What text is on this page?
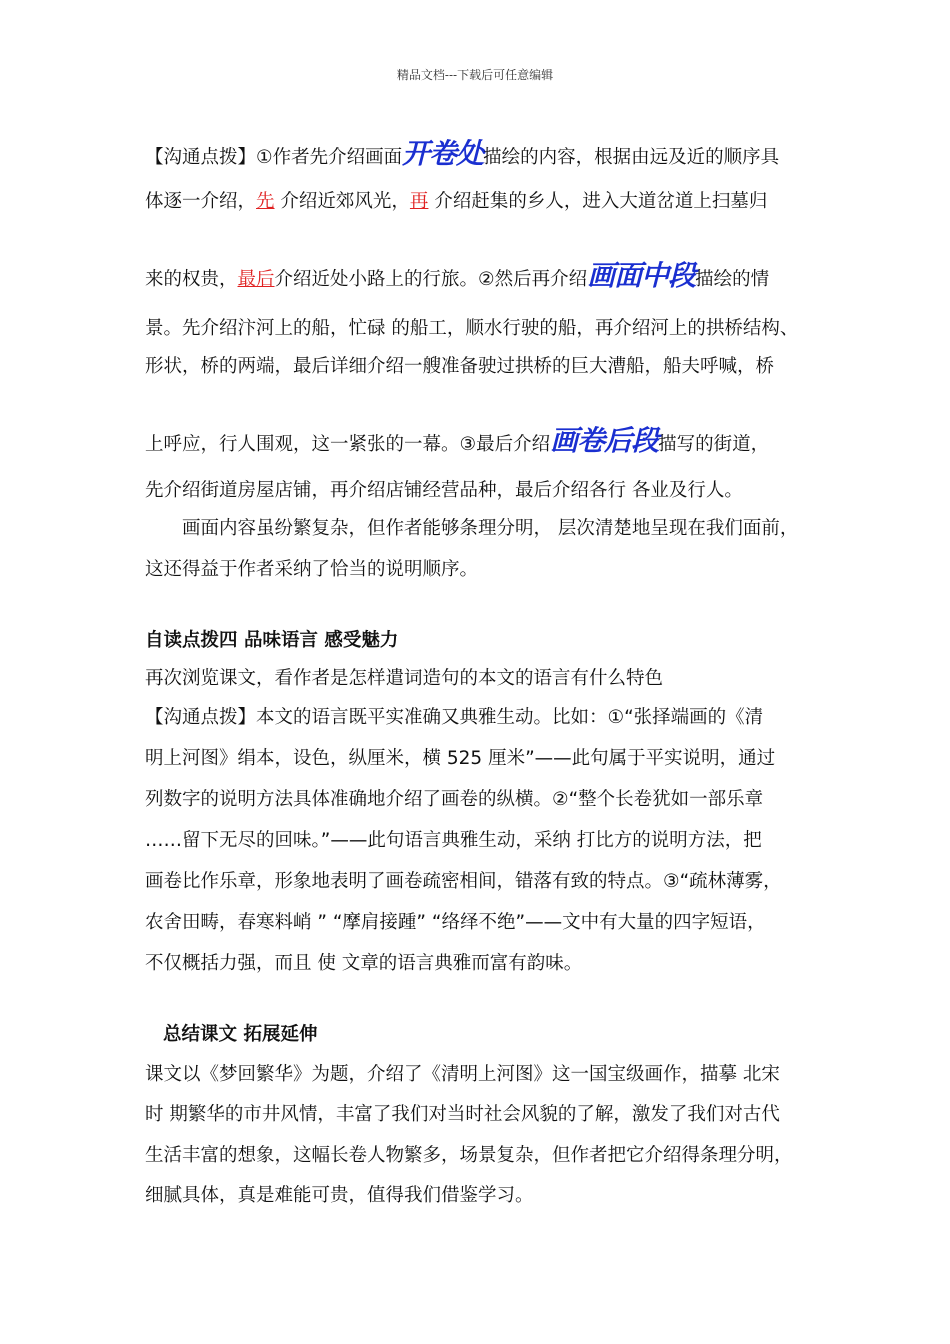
精品文档---下载后可任意编辑
【沟通点拨】①作者先介绍画面开卷处描绘的内容，根据由远及近的顺序具
体逐一介绍，先 介绍近郊风光，再 介绍赶集的乡人，进入大道岔道上扫墓归
来的权贵，最后介绍近处小路上的行旅。②然后再介绍画面中段描绘的情
景。先介绍汴河上的船，忙碌 的船工，顺水行驶的船，再介绍河上的拱桥结构、
形状，桥的两端，最后详细介绍一艘准备驶过拱桥的巨大漕船，船夫呼喊，桥
上呼应，行人围观，这一紧张的一幕。③最后介绍画卷后段描写的街道，
先介绍街道房屋店铺，再介绍店铺经营品种，最后介绍各行 各业及行人。
画面内容虽纷繁复杂，但作者能够条理分明， 层次清楚地呈现在我们面前，
这还得益于作者采纳了恰当的说明顺序。
自读点拨四 品味语言 感受魅力
再次浏览课文，看作者是怎样遣词造句的本文的语言有什么特色
【沟通点拨】本文的语言既平实准确又典雅生动。比如：①“张择端画的《清
明上河图》绢本，设色，纵厘米，横 525 厘米”——此句属于平实说明，通过
列数字的说明方法具体准确地介绍了画卷的纵横。②“整个长卷犹如一部乐章
……留下无尽的回味。”——此句语言典雅生动，采纳 打比方的说明方法，把
画卷比作乐章，形象地表明了画卷疏密相间，错落有致的特点。③“疏林薄雾，
农舍田畴，春寒料峭 ” “摩肩接踵” “络绎不绝”——文中有大量的四字短语，
不仅概括力强，而且 使 文章的语言典雅而富有韵味。
总结课文 拓展延伸
课文以《梦回繁华》为题，介绍了《清明上河图》这一国宝级画作，描摹 北宋
时 期繁华的市井风情，丰富了我们对当时社会风貌的了解，激发了我们对古代
生活丰富的想象，这幅长卷人物繁多，场景复杂，但作者把它介绍得条理分明，
细腻具体，真是难能可贵，值得我们借鉴学习。
